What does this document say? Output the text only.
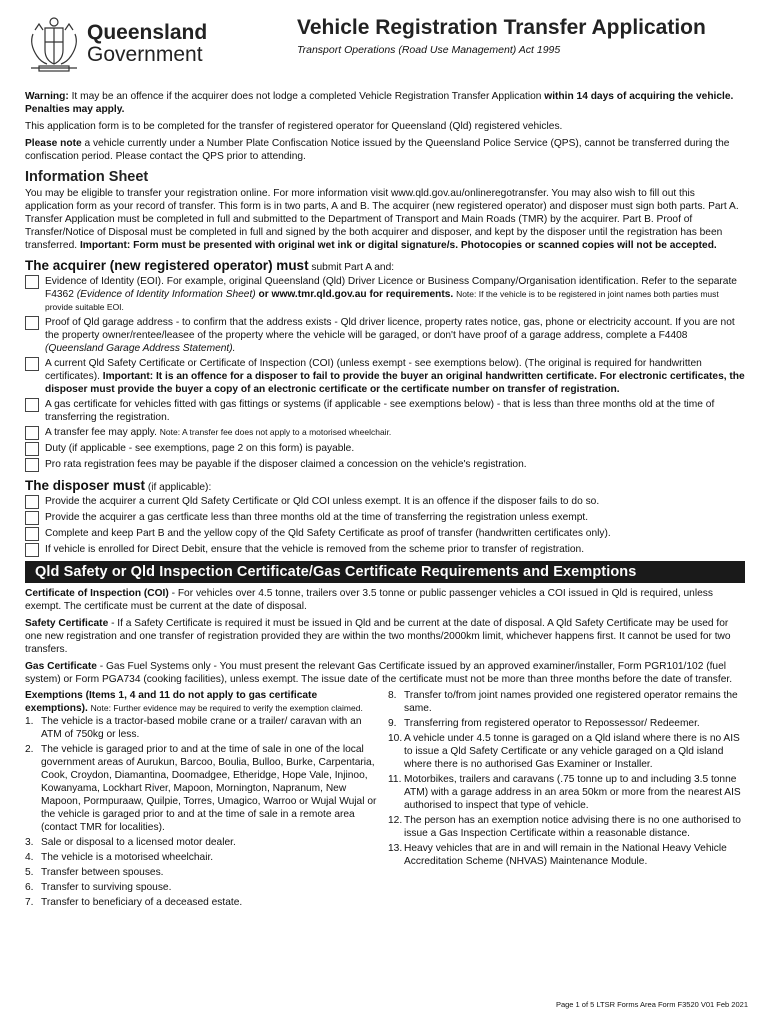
Queensland
Government
Vehicle Registration Transfer Application
Transport Operations (Road Use Management) Act 1995

Warning: It may be an offence if the acquirer does not lodge a completed Vehicle Registration Transfer Application within 14 days of acquiring the vehicle. Penalties may apply.

This application form is to be completed for the transfer of registered operator for Queensland (Qld) registered vehicles.

Please note a vehicle currently under a Number Plate Confiscation Notice issued by the Queensland Police Service (QPS), cannot be transferred during the confiscation period. Please contact the QPS prior to attending.

Information Sheet

You may be eligible to transfer your registration online. For more information visit www.qld.gov.au/onlineregotransfer. You may also wish to fill out this application form as your record of transfer. This form is in two parts, A and B. The acquirer (new registered operator) and disposer must sign both parts. Part A. Transfer Application must be completed in full and submitted to the Department of Transport and Main Roads (TMR) by the acquirer. Part B. Proof of Transfer/Notice of Disposal must be completed in full and signed by the both acquirer and disposer, and kept by the disposer until the registration has been transferred. Important: Form must be presented with original wet ink or digital signature/s. Photocopies or scanned copies will not be accepted.

The acquirer (new registered operator) must submit Part A and:

Evidence of Identity (EOI). For example, original Queensland (Qld) Driver Licence or Business Company/Organisation identification. Refer to the separate F4362 (Evidence of Identity Information Sheet) or www.tmr.qld.gov.au for requirements. Note: If the vehicle is to be registered in joint names both parties must provide suitable EOI.

Proof of Qld garage address - to confirm that the address exists - Qld driver licence, property rates notice, gas, phone or electricity account. If you are not the property owner/rentee/leasee of the property where the vehicle will be garaged, or don't have proof of a garage address, complete a F4408 (Queensland Garage Address Statement).

A current Qld Safety Certificate or Certificate of Inspection (COI) (unless exempt - see exemptions below). (The original is required for handwritten certificates). Important: It is an offence for a disposer to fail to provide the buyer an original handwritten certificate. For electronic certificates, the disposer must provide the buyer a copy of an electronic certificate or the certificate number on transfer of registration.

A gas certificate for vehicles fitted with gas fittings or systems (if applicable - see exemptions below) - that is less than three months old at the time of transferring the registration.

A transfer fee may apply. Note: A transfer fee does not apply to a motorised wheelchair.

Duty (if applicable - see exemptions, page 2 on this form) is payable.

Pro rata registration fees may be payable if the disposer claimed a concession on the vehicle's registration.

The disposer must (if applicable):

Provide the acquirer a current Qld Safety Certificate or Qld COI unless exempt. It is an offence if the disposer fails to do so.

Provide the acquirer a gas certficate less than three months old at the time of transferring the registration unless exempt.

Complete and keep Part B and the yellow copy of the Qld Safety Certificate as proof of transfer (handwritten certificates only).

If vehicle is enrolled for Direct Debit, ensure that the vehicle is removed from the scheme prior to transfer of registration.

Qld Safety or Qld Inspection Certificate/Gas Certificate Requirements and Exemptions

Certificate of Inspection (COI) - For vehicles over 4.5 tonne, trailers over 3.5 tonne or public passenger vehicles a COI issued in Qld is required, unless exempt. The certificate must be current at the date of disposal.

Safety Certificate - If a Safety Certificate is required it must be issued in Qld and be current at the date of disposal. A Qld Safety Certificate may be used for one new registration and one transfer of registration provided they are within the two months/2000km limit, whichever happens first. It cannot be used for two transfers.

Gas Certificate - Gas Fuel Systems only - You must present the relevant Gas Certificate issued by an approved examiner/installer, Form PGR101/102 (fuel system) or Form PGA734 (cooking facilities), unless exempt. The issue date of the certificate must not be more than three months before the date of transfer.

Exemptions (Items 1, 4 and 11 do not apply to gas certificate exemptions). Note: Further evidence may be required to verify the exemption claimed.

1. The vehicle is a tractor-based mobile crane or a trailer/ caravan with an ATM of 750kg or less.
2. The vehicle is garaged prior to and at the time of sale in one of the local government areas of Aurukun, Barcoo, Boulia, Bulloo, Burke, Carpentaria, Cook, Croydon, Diamantina, Doomadgee, Etheridge, Hope Vale, Injinoo, Kowanyama, Lockhart River, Mapoon, Mornington, Napranum, New Mapoon, Pormpuraaw, Quilpie, Torres, Umagico, Warroo or Wujal Wujal or the vehicle is garaged prior to and at the time of sale in a remote area (contact TMR for localities).
3. Sale or disposal to a licensed motor dealer.
4. The vehicle is a motorised wheelchair.
5. Transfer between spouses.
6. Transfer to surviving spouse.
7. Transfer to beneficiary of a deceased estate.
8. Transfer to/from joint names provided one registered operator remains the same.
9. Transferring from registered operator to Repossessor/ Redeemer.
10. A vehicle under 4.5 tonne is garaged on a Qld island where there is no AIS to issue a Qld Safety Certificate or any vehicle garaged on a Qld island where there is no authorised Gas Examiner or Installer.
11. Motorbikes, trailers and caravans (.75 tonne up to and including 3.5 tonne ATM) with a garage address in an area 50km or more from the nearest AIS authorised to inspect that type of vehicle.
12. The person has an exemption notice advising there is no one authorised to issue a Gas Inspection Certificate within a reasonable distance.
13. Heavy vehicles that are in and will remain in the National Heavy Vehicle Accreditation Scheme (NHVAS) Maintenance Module.
Page 1 of 5 LTSR Forms Area Form F3520 V01 Feb 2021
